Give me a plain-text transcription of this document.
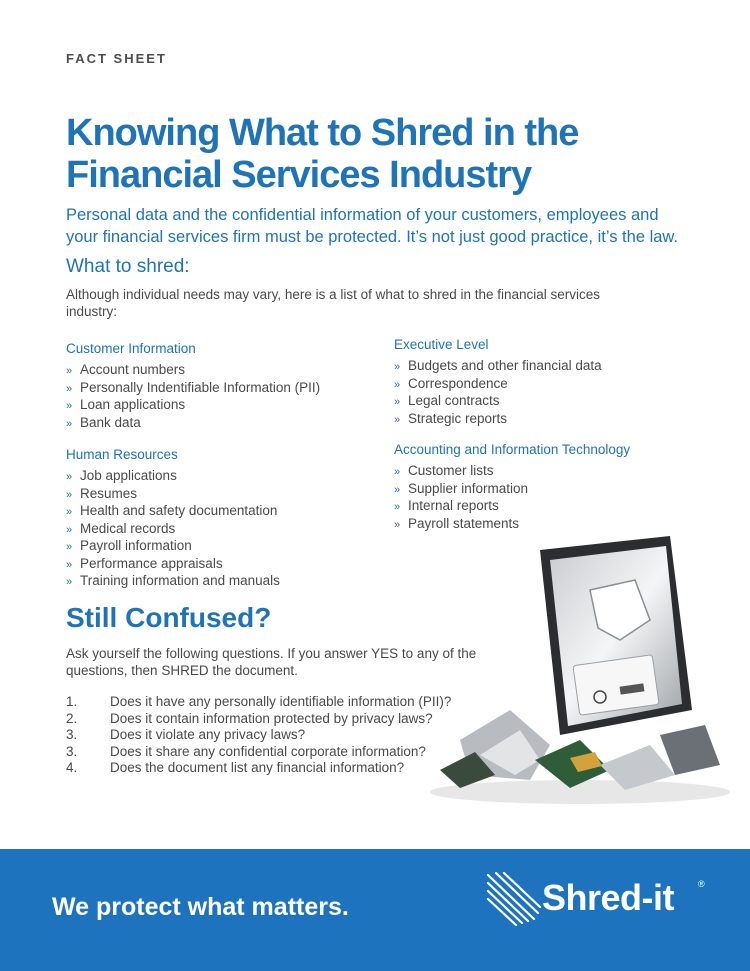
FACT SHEET
Knowing What to Shred in the Financial Services Industry
Personal data and the confidential information of your customers, employees and your financial services firm must be protected. It’s not just good practice, it’s the law.
What to shred:
Although individual needs may vary, here is a list of what to shred in the financial services industry:
Customer Information
» Account numbers
» Personally Indentifiable Information (PII)
» Loan applications
» Bank data
Human Resources
» Job applications
» Resumes
» Health and safety documentation
» Medical records
» Payroll information
» Performance appraisals
» Training information and manuals
Executive Level
» Budgets and other financial data
» Correspondence
» Legal contracts
» Strategic reports
Accounting and Information Technology
» Customer lists
» Supplier information
» Internal reports
» Payroll statements
Still Confused?
Ask yourself the following questions. If you answer YES to any of the questions, then SHRED the document.
1. Does it have any personally identifiable information (PII)?
2. Does it contain information protected by privacy laws?
3. Does it violate any privacy laws?
3. Does it share any confidential corporate information?
4. Does the document list any financial information?
We protect what matters.	Shred-it	®
